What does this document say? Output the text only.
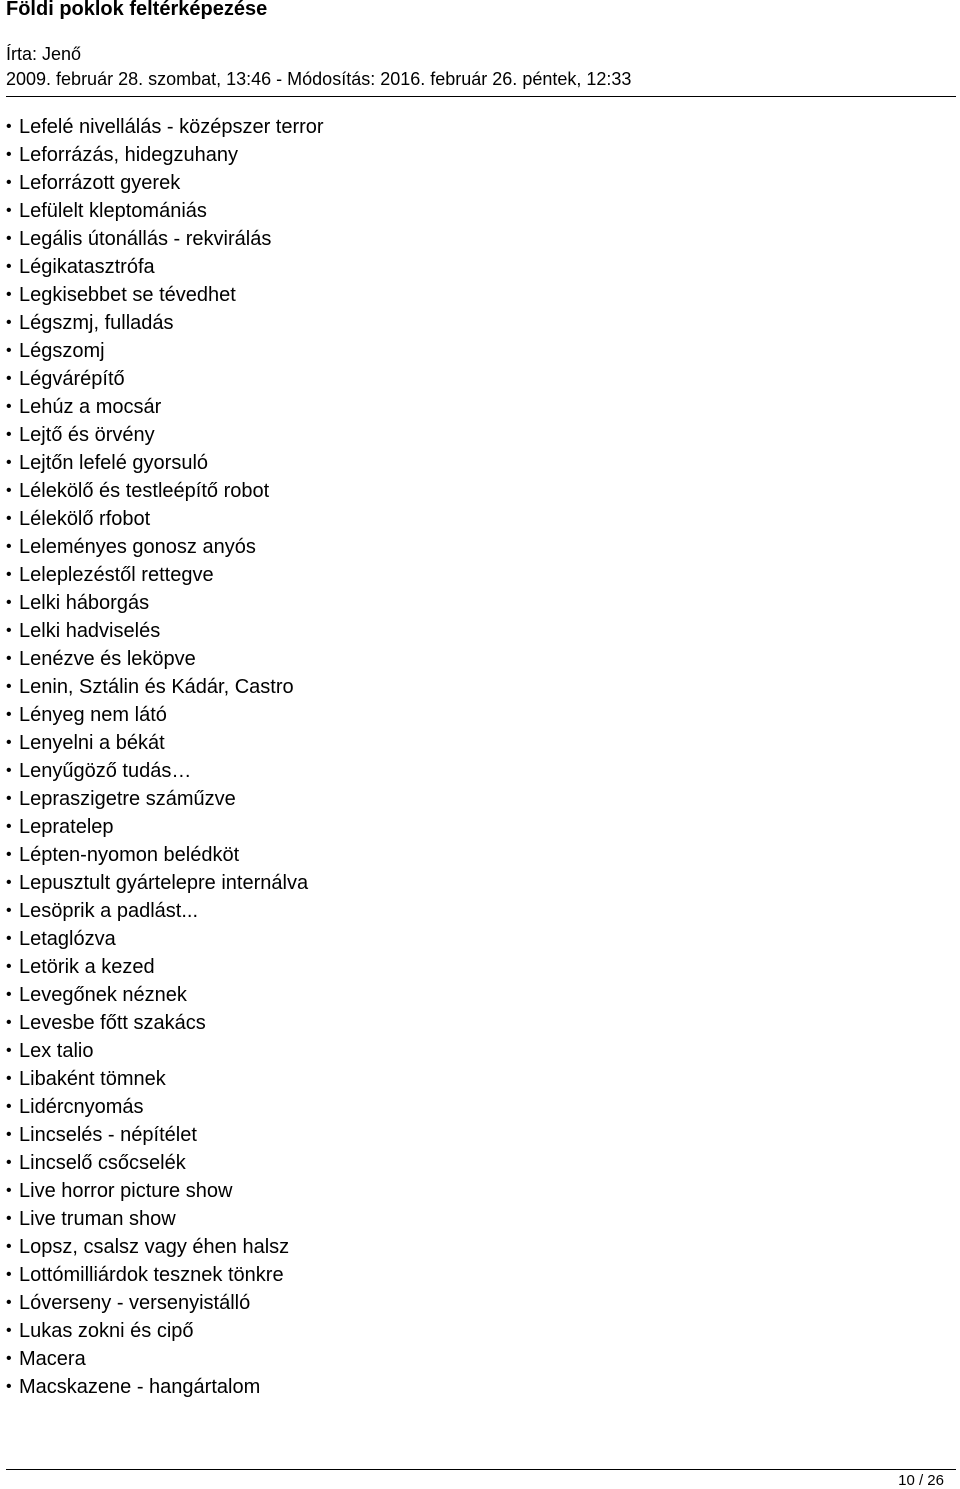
Földi poklok feltérképezése
Írta: Jenő
2009. február 28. szombat, 13:46 - Módosítás: 2016. február 26. péntek, 12:33
• Lefelé nivellálás - középszer terror
• Leforrázás, hidegzuhany
• Leforrázott gyerek
• Lefülelt kleptomániás
• Legális útonállás - rekvirálás
• Légikatasztrófa
• Legkisebbet se tévedhet
• Légszmj, fulladás
• Légszomj
• Légvárépítő
• Lehúz a mocsár
• Lejtő és örvény
• Lejtőn lefelé gyorsuló
• Lélekölő és testleépítő robot
• Lélekölő rfobot
• Leleményes gonosz anyós
• Leleplezéstől rettegve
• Lelki háborgás
• Lelki hadviselés
• Lenézve és leköpve
• Lenin, Sztálin és Kádár, Castro
• Lényeg nem látó
• Lenyelni a békát
• Lenyűgöző tudás…
• Lepraszigetre száműzve
• Lepratelep
• Lépten-nyomon belédköt
• Lepusztult gyártelepre internálva
• Lesöprik a padlást...
• Letaglózva
• Letörik a kezed
• Levegőnek néznek
• Levesbe főtt szakács
• Lex talio
• Libaként tömnek
• Lidércnyomás
• Lincselés - népítélet
• Lincselő csőcselék
• Live horror picture show
• Live truman show
• Lopsz, csalsz vagy éhen halsz
• Lottómilliárdok tesznek tönkre
• Lóverseny - versenyistálló
• Lukas zokni és cipő
• Macera
• Macskazene - hangártalom
10 / 26
